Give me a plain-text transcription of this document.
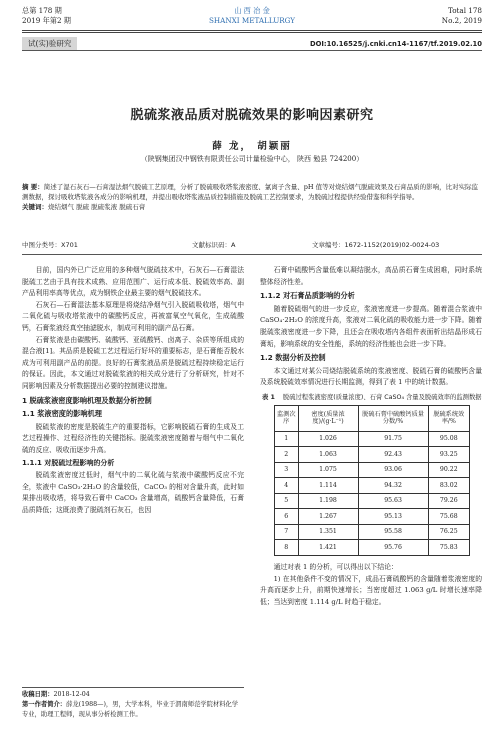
总第 178 期
2019 年第2 期
山 西 冶 金
SHANXI METALLURGY
Total 178
No.2, 2019
试(实)验研究	DOI:10.16525/j.cnki.cn14-1167/tf.2019.02.10
脱硫浆液品质对脱硫效果的影响因素研究
薛 龙， 胡颖丽
（陕钢集团汉中钢铁有限责任公司计量检验中心， 陕西 勉县 724200）
摘 要：简述了湿石灰石—石膏湿法烟气脱硫工艺原理，分析了脱硫吸收塔浆液密度、氯离子含量、pH 值等对烧结烟气脱硫效果及石膏品质的影响，比对实际监测数据，探讨吸收塔浆液各成分的影响机理，并提出吸收塔浆液品质控制措施及脱硫工艺控制要求，为脱硫过程提供经验借鉴和科学指导。
关键词：烧结烟气 脱硫 脱硫浆液 脱硫石膏
中图分类号：X701	文献标识码：A	文章编号：1672-1152(2019)02-0024-03

目前，国内外已广泛应用的多种烟气脱硫技术中，石灰石—石膏湿法脱硫工艺由于具有技术成熟、应用范围广、运行成本低、脱硫效率高、副产品利用率高等优点，成为钢铁企业最主要的烟气脱硫技术。

石灰石—石膏湿法基本原理是将烧结净烟气引入脱硫吸收塔，烟气中二氧化硫与吸收塔浆液中的碳酸钙反应，再被富氧空气氧化，生成硫酸钙，石膏浆液经真空抽滤脱水，制成可利用的副产品石膏。

石膏浆液是由碳酸钙、硫酸钙、亚硫酸钙、卤离子、杂质等所组成的混合液[1]。其品质是脱硫工艺过程运行好坏的重要标志，是石膏能否脱水成为可利用副产品的前提。良好的石膏浆液品质是脱硫过程持续稳定运行的保证。因此，本文通过对脱硫浆液的相关成分进行了分析研究，针对不同影响因素及分析数据提出必要的控制建议措施。

1 脱硫浆液密度影响机理及数据分析控制
1.1 浆液密度的影响机理

脱硫浆液的密度是脱硫生产的重要指标，它影响脱硫石膏的生成及工艺过程操作、过程经济性的关键指标。脱硫浆液密度随着与烟气中二氧化硫的反应、吸收而逐步升高。

1.1.1 对脱硫过程影响的分析

脱硫浆液密度过低时，烟气中的二氧化硫与浆液中碳酸钙反应不完全，浆液中 CaSO₃·2H₂O 的含量较低，CaCO₃ 的相对含量升高，此时如果排出吸收塔，将导致石膏中 CaCO₃ 含量增高，硫酸钙含量降低，石膏品质降低；这既浪费了脱硫剂石灰石，也因

收稿日期：2018-12-04
第一作者简介：薛龙(1988—)，男，大学本科，毕业于渭南师范学院材料化学专业，助理工程师，现从事分析检测工作。

石膏中硫酸钙含量低难以凝结脱水，高品质石膏生成困难，同时系统整体经济性差。

1.1.2 对石膏品质影响的分析

随着脱硫烟气的进一步反应，浆液密度进一步提高。随着混合浆液中 CaSO₄·2H₂O 的浓度升高，浆液对二氧化硫的吸收能力进一步下降。随着脱硫浆液密度进一步下降，且还会在吸收塔内各组件表面析出结晶形成石膏垢，影响系统的安全性能，系统的经济性能也会进一步下降。

1.2 数据分析及控制

本文通过对某公司烧结脱硫系统的浆液密度、脱硫石膏的硫酸钙含量及系统脱硫效率情况进行长期监测，得到了表 1 中的统计数据。

表 1 脱硫过程浆液密度(质量浓度)、石膏 CaSO₄ 含量及脱硫效率的监测数据
监测次序	密度(质量浓度)/(g·L⁻¹)	脱硫石膏中硫酸钙质量分数/%	脱硫系统效率/%
1	1.026	91.75	95.08
2	1.063	92.43	93.25
3	1.075	93.06	90.22
4	1.114	94.32	83.02
5	1.198	95.63	79.26
6	1.267	95.13	75.68
7	1.351	95.58	76.25
8	1.421	95.76	75.83

通过对表 1 的分析，可以得出以下结论：

1) 在其他条件不变的情况下，成品石膏硫酸钙的含量随着浆液密度的升高而逐步上升，前期快速增长；当密度超过 1.063 g/L 时增长速率降低；当达到密度 1.114 g/L 时趋于稳定。
